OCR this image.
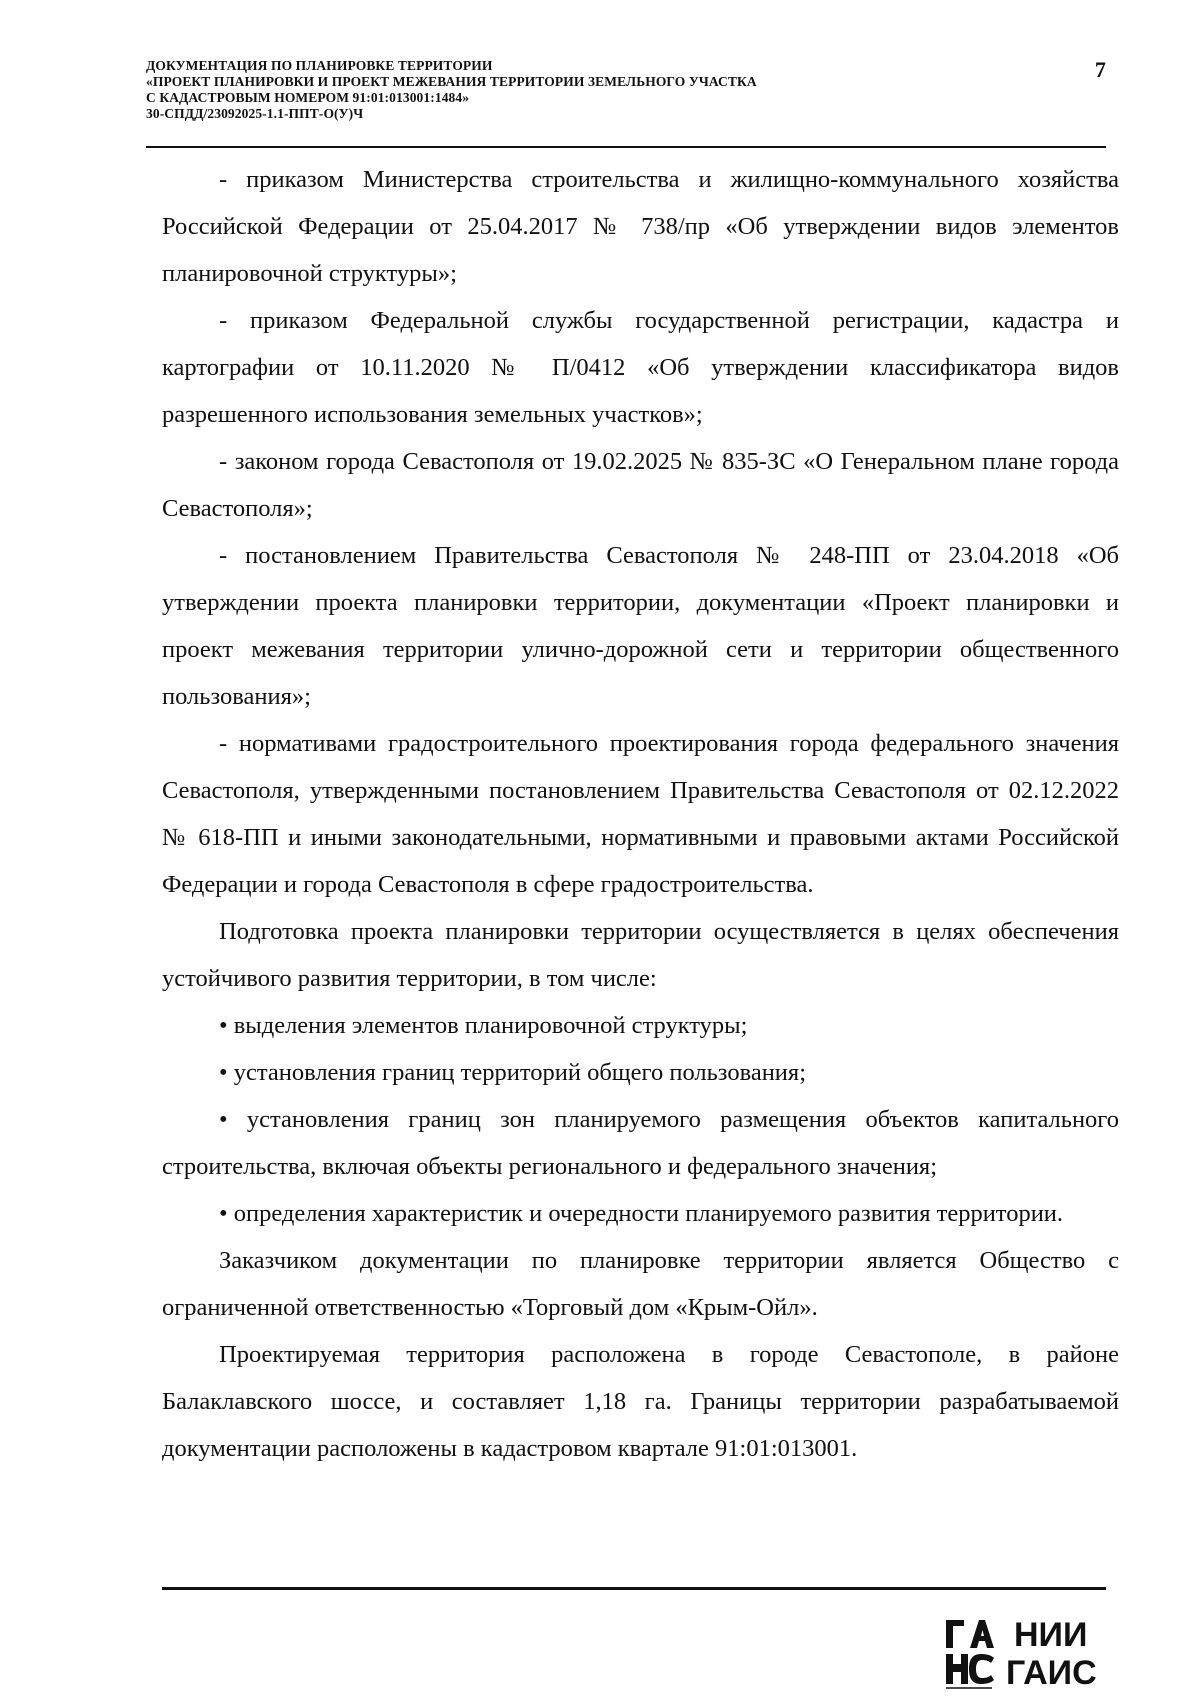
ДОКУМЕНТАЦИЯ ПО ПЛАНИРОВКЕ ТЕРРИТОРИИ
«ПРОЕКТ ПЛАНИРОВКИ И ПРОЕКТ МЕЖЕВАНИЯ ТЕРРИТОРИИ ЗЕМЕЛЬНОГО УЧАСТКА
С КАДАСТРОВЫМ НОМЕРОМ 91:01:013001:1484»
30-СПДД/23092025-1.1-ППТ-О(У)Ч
7

- приказом Министерства строительства и жилищно-коммунального хозяйства Российской Федерации от 25.04.2017 № 738/пр «Об утверждении видов элементов планировочной структуры»;

- приказом Федеральной службы государственной регистрации, кадастра и картографии от 10.11.2020 № П/0412 «Об утверждении классификатора видов разрешенного использования земельных участков»;

- законом города Севастополя от 19.02.2025 № 835-ЗС «О Генеральном плане города Севастополя»;

- постановлением Правительства Севастополя № 248-ПП от 23.04.2018 «Об утверждении проекта планировки территории, документации «Проект планировки и проект межевания территории улично-дорожной сети и территории общественного пользования»;

- нормативами градостроительного проектирования города федерального значения Севастополя, утвержденными постановлением Правительства Севастополя от 02.12.2022 № 618-ПП и иными законодательными, нормативными и правовыми актами Российской Федерации и города Севастополя в сфере градостроительства.

Подготовка проекта планировки территории осуществляется в целях обеспечения устойчивого развития территории, в том числе:

• выделения элементов планировочной структуры;

• установления границ территорий общего пользования;

• установления границ зон планируемого размещения объектов капитального строительства, включая объекты регионального и федерального значения;

• определения характеристик и очередности планируемого развития территории.

Заказчиком документации по планировке территории является Общество с ограниченной ответственностью «Торговый дом «Крым-Ойл».

Проектируемая территория расположена в городе Севастополе, в районе Балаклавского шоссе, и составляет 1,18 га. Границы территории разрабатываемой документации расположены в кадастровом квартале 91:01:013001.

НИИ
ГАИС
